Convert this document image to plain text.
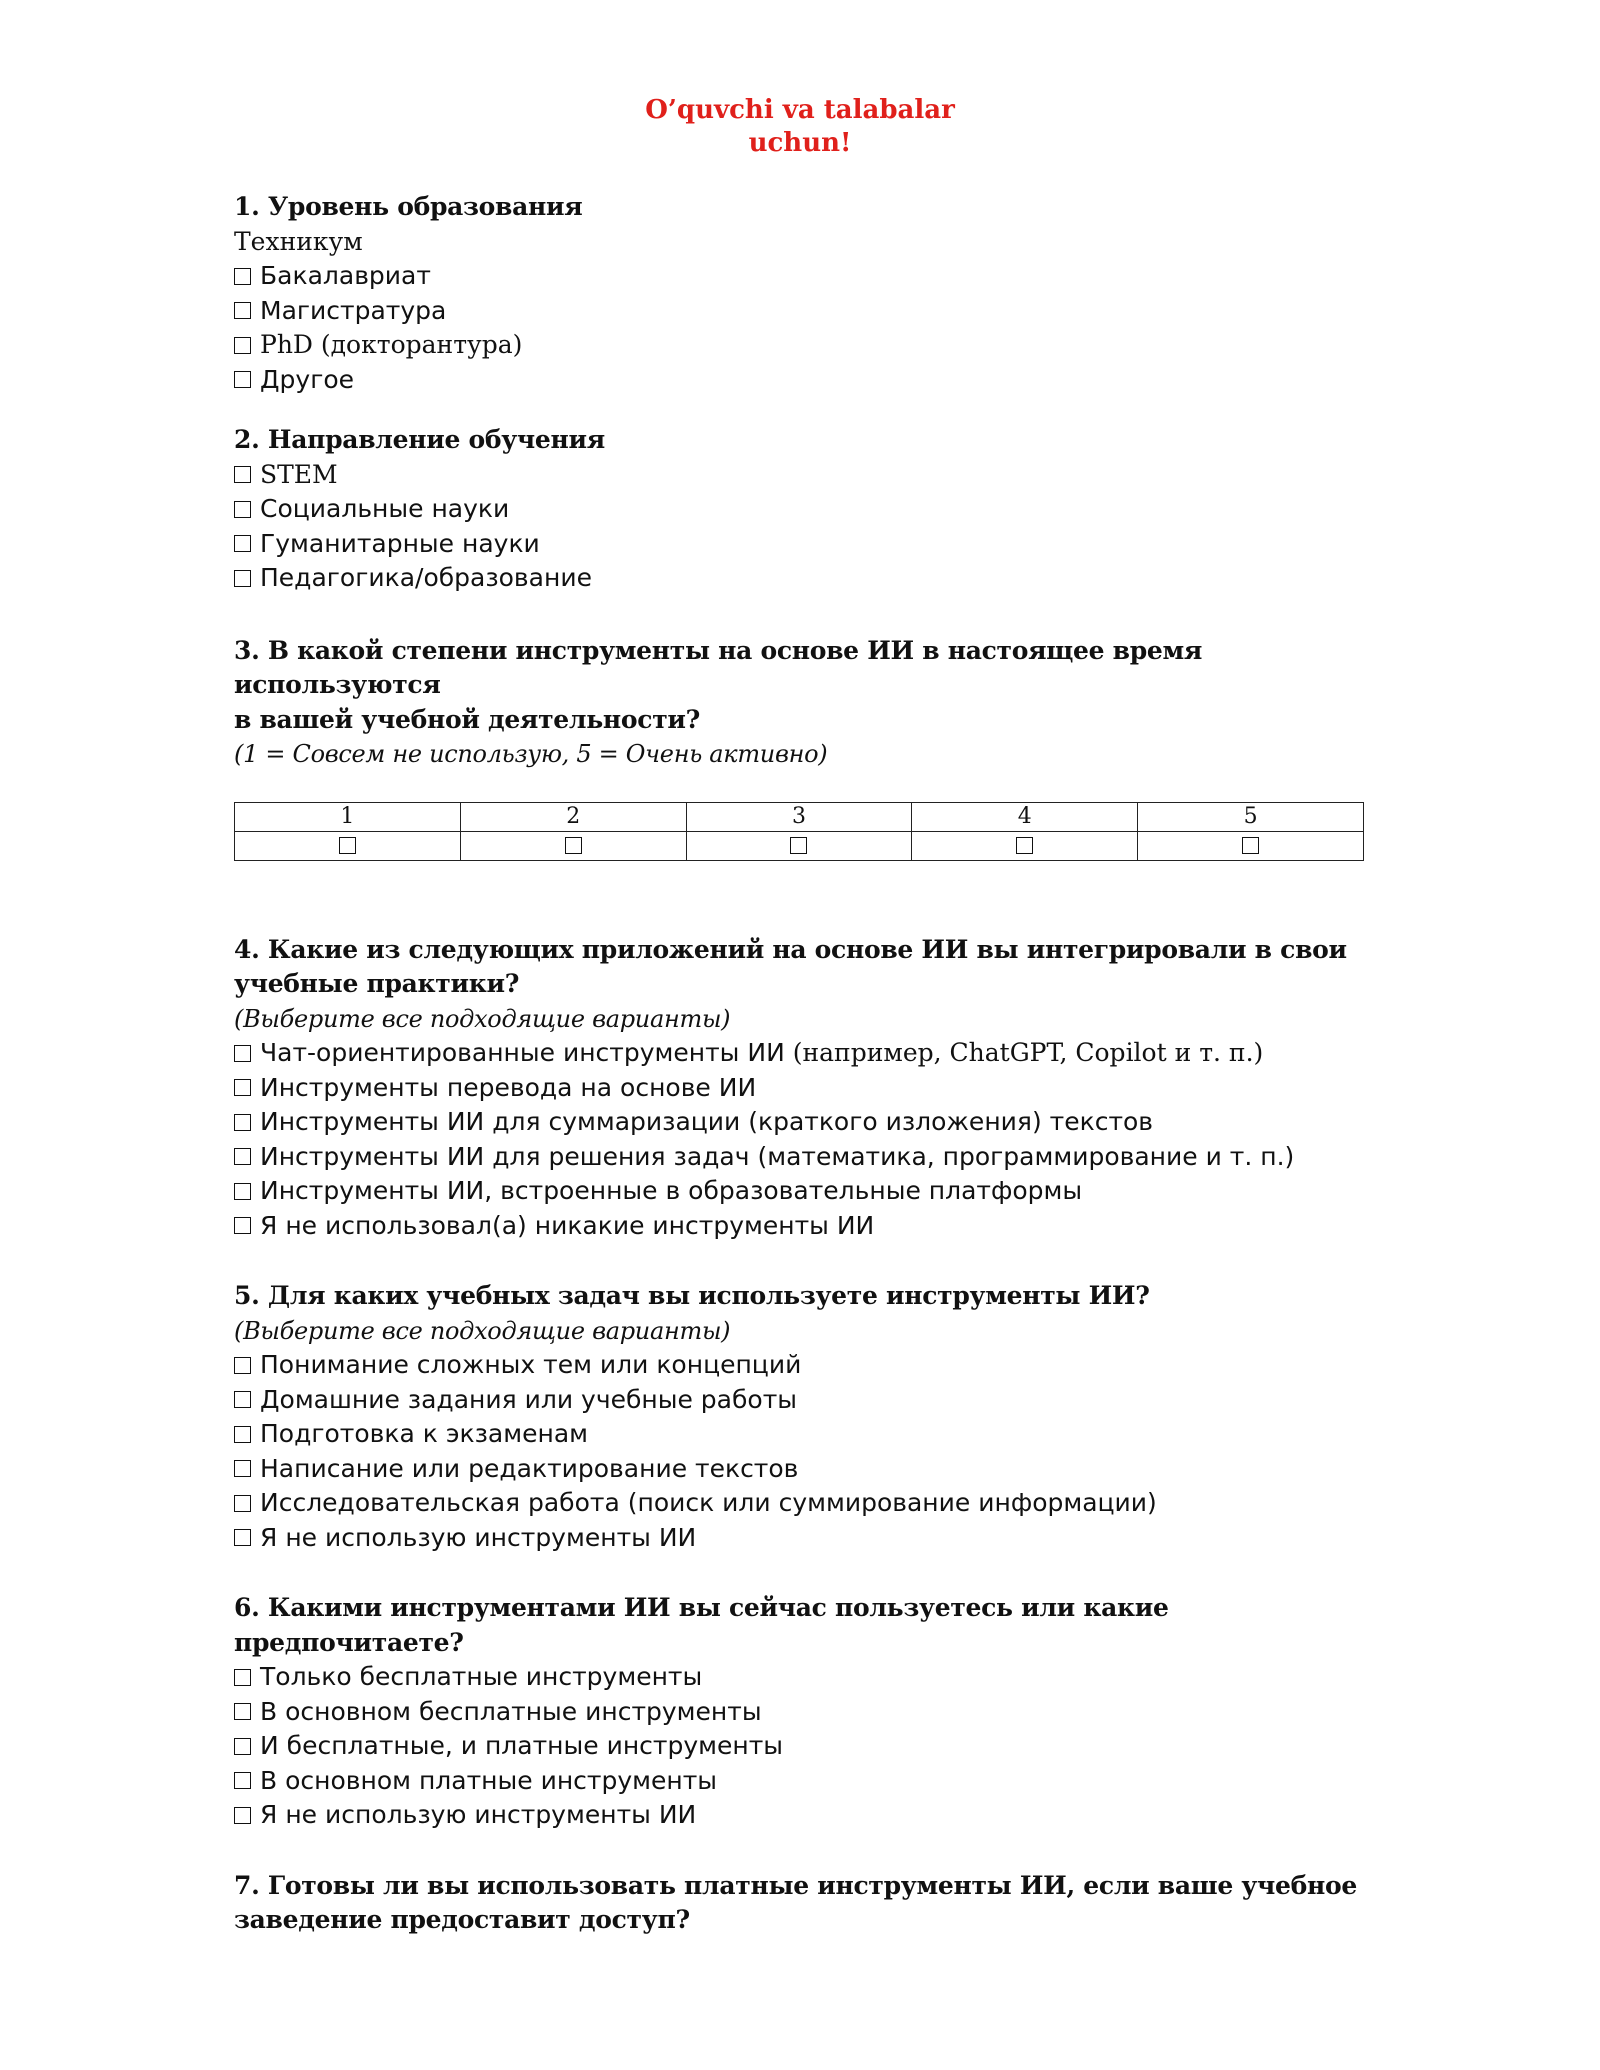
O’quvchi va talabalar
uchun!

1. Уровень образования

Техникум

Бакалавриат

Магистратура

PhD (докторантура)

Другое

2. Направление обучения

STEM

Социальные науки

Гуманитарные науки

Педагогика/образование

3. В какой степени инструменты на основе ИИ в настоящее время используются

в вашей учебной деятельности?

(1 = Совсем не использую, 5 = Очень активно)

1	2	3	4	5

4. Какие из следующих приложений на основе ИИ вы интегрировали в свои

учебные практики?

(Выберите все подходящие варианты)

Чат-ориентированные инструменты ИИ (например, ChatGPT, Copilot и т. п.)

Инструменты перевода на основе ИИ

Инструменты ИИ для суммаризации (краткого изложения) текстов

Инструменты ИИ для решения задач (математика, программирование и т. п.)

Инструменты ИИ, встроенные в образовательные платформы

Я не использовал(а) никакие инструменты ИИ

5. Для каких учебных задач вы используете инструменты ИИ?

(Выберите все подходящие варианты)

Понимание сложных тем или концепций

Домашние задания или учебные работы

Подготовка к экзаменам

Написание или редактирование текстов

Исследовательская работа (поиск или суммирование информации)

Я не использую инструменты ИИ

6. Какими инструментами ИИ вы сейчас пользуетесь или какие предпочитаете?

Только бесплатные инструменты

В основном бесплатные инструменты

И бесплатные, и платные инструменты

В основном платные инструменты

Я не использую инструменты ИИ

7. Готовы ли вы использовать платные инструменты ИИ, если ваше учебное

заведение предоставит доступ?
